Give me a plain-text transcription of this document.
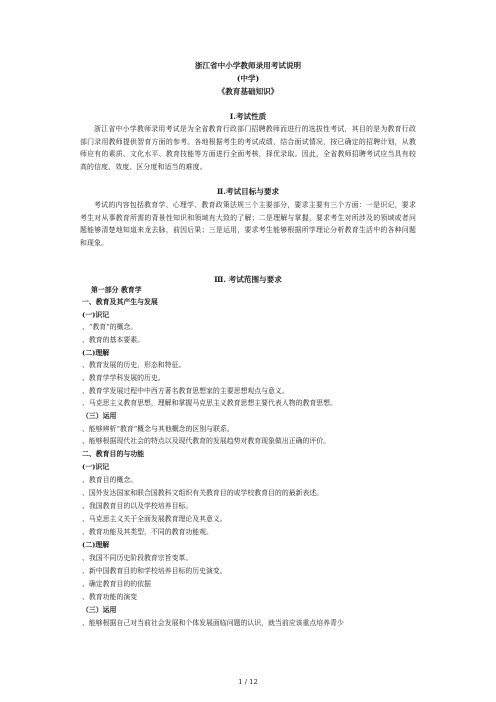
浙江省中小学教师录用考试说明
(中学)
《教育基础知识》
Ⅰ.考试性质

浙江省中小学教师录用考试是为全省教育行政部门招聘教师而进行的选拔性考试，其目的是为教育行政部门录用教师提供智育方面的参考。各地根据考生的考试成绩，结合面试情况，按已确定的招聘计划，从教师应有的素质、文化水平、教育技能等方面进行全面考核，择优录取。因此，全省教师招聘考试应当具有较高的信度、效度、区分度和适当的难度。

Ⅱ.考试目标与要求

考试的内容包括教育学、心理学、教育政策法规三个主要部分，要求主要有三个方面：一是识记，要求考生对从事教育所需的背景性知识和领域有大致的了解；二是理解与掌握，要求考生对所涉及的领域或者问题能够清楚地知道来龙去脉，前因后果；三是运用，要求考生能够根据所学理论分析教育生活中的各种问题和现象。

Ⅲ. 考试范围与要求
第一部分 教育学
一、教育及其产生与发展
(一)识记
、“教育”的概念。
、教育的基本要素。
(二)理解
、教育发展的历史、形态和特征。
、教育学学科发展的历史。
、教育学发展过程中中西方著名教育思想家的主要思想观点与意义。
、马克思主义教育思想，理解和掌握马克思主义教育思想主要代表人物的教育思想。
（三）运用
、能够辨析“教育”概念与其他概念的区别与联系。
、能够根据现代社会的特点以及现代教育的发展趋势对教育现象做出正确的评价。
二、教育目的与功能
(一)识记
、教育目的概念。
、国外发达国家和联合国教科文组织有关教育目的或学校教育目的的最新表述。
、我国教育目的以及学校培养目标。
、马克思主义关于全面发展教育理论及其意义。
、教育功能及其类型，不同的教育功能观。
(二)理解
、我国不同历史阶段教育宗旨变革。
、新中国教育目的和学校培养目标的历史演变。
、确定教育目的的依据
、教育功能的演变
（三）运用
、能够根据自己对当前社会发展和个体发展面临问题的认识，就当前应该重点培养青少
1 / 12
